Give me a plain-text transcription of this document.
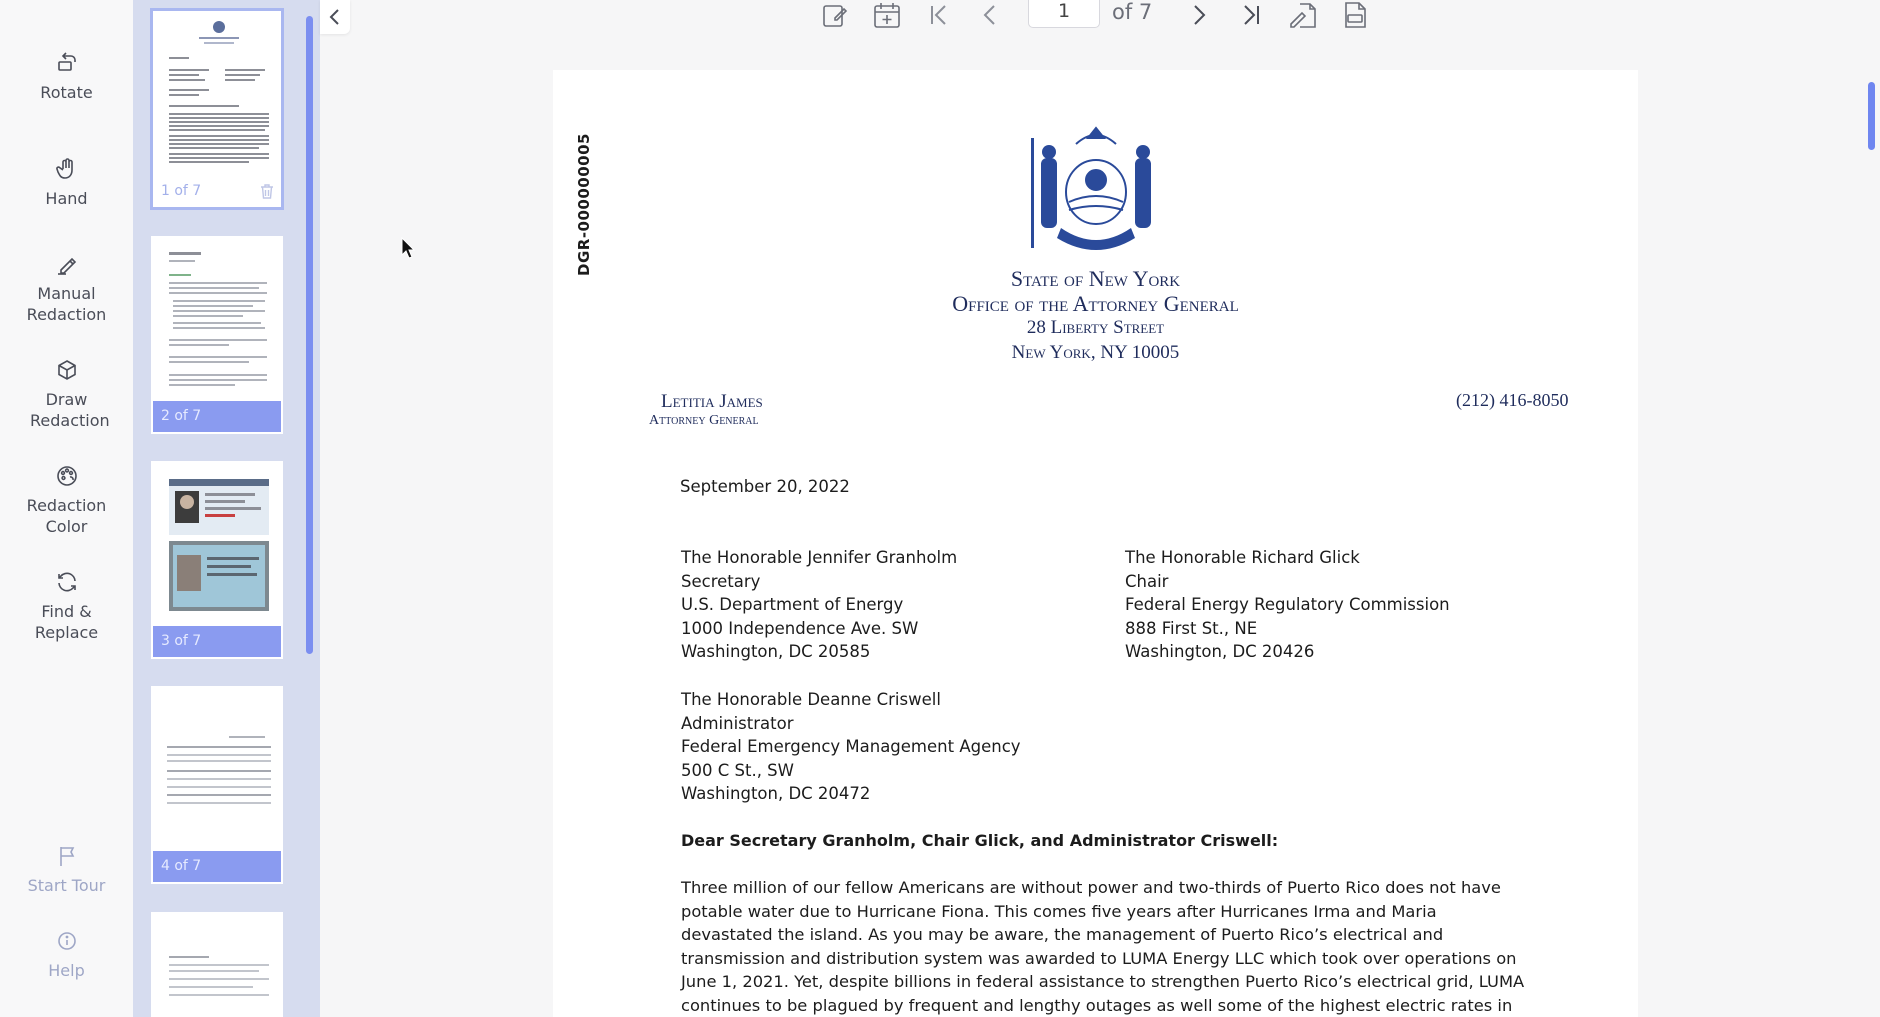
Rotate
Hand
Manual Redaction
Draw Redaction
Redaction Color
Find & Replace
Start Tour
Help
1 of 7
2 of 7
3 of 7
4 of 7
1
of 7
DGR-000000005
State of New York
Office of the Attorney General
28 Liberty Street
New York, NY 10005
Letitia James
Attorney General
(212) 416-8050
September 20, 2022
The Honorable Jennifer Granholm
Secretary
U.S. Department of Energy
1000 Independence Ave. SW
Washington, DC 20585
The Honorable Richard Glick
Chair
Federal Energy Regulatory Commission
888 First St., NE
Washington, DC 20426
The Honorable Deanne Criswell
Administrator
Federal Emergency Management Agency
500 C St., SW
Washington, DC 20472
Dear Secretary Granholm, Chair Glick, and Administrator Criswell:
Three million of our fellow Americans are without power and two-thirds of Puerto Rico does not have
potable water due to Hurricane Fiona. This comes five years after Hurricanes Irma and Maria
devastated the island. As you may be aware, the management of Puerto Rico’s electrical and
transmission and distribution system was awarded to LUMA Energy LLC which took over operations on
June 1, 2021. Yet, despite billions in federal assistance to strengthen Puerto Rico’s electrical grid, LUMA
continues to be plagued by frequent and lengthy outages as well some of the highest electric rates in
